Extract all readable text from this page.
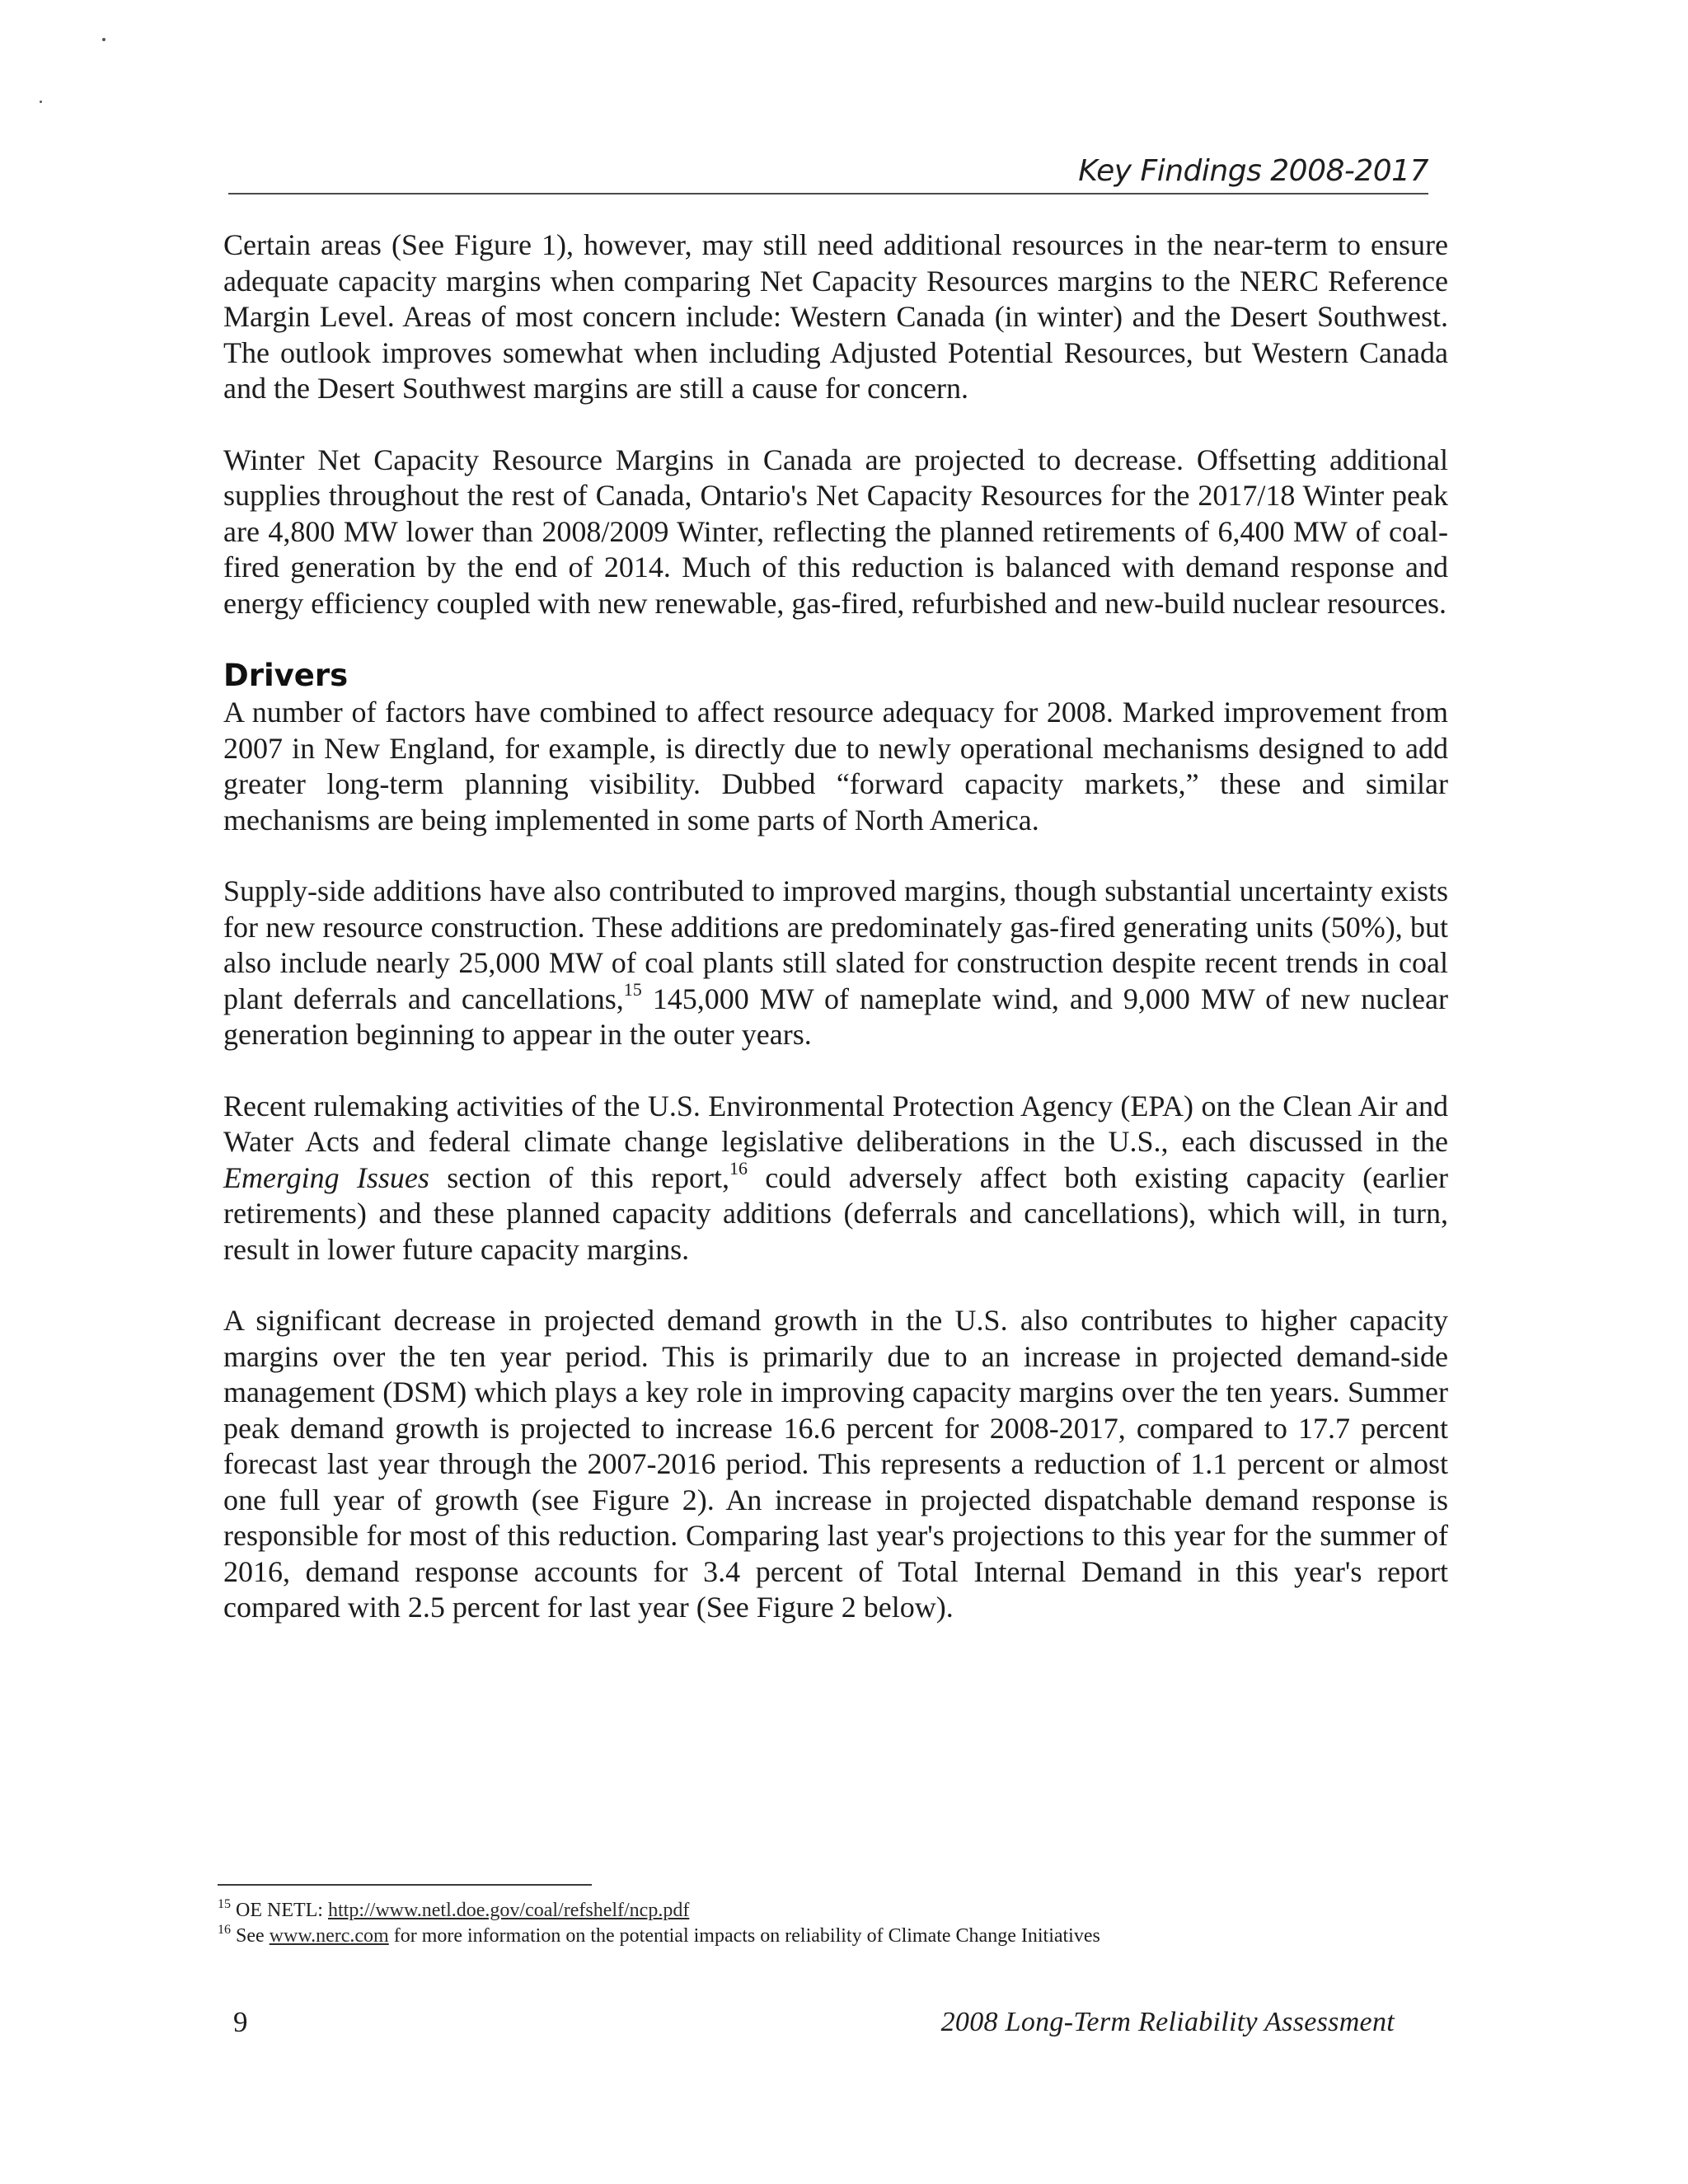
Key Findings 2008-2017

Certain areas (See Figure 1), however, may still need additional resources in the near-term to ensure adequate capacity margins when comparing Net Capacity Resources margins to the NERC Reference Margin Level. Areas of most concern include: Western Canada (in winter) and the Desert Southwest. The outlook improves somewhat when including Adjusted Potential Resources, but Western Canada and the Desert Southwest margins are still a cause for concern.

Winter Net Capacity Resource Margins in Canada are projected to decrease. Offsetting additional supplies throughout the rest of Canada, Ontario's Net Capacity Resources for the 2017/18 Winter peak are 4,800 MW lower than 2008/2009 Winter, reflecting the planned retirements of 6,400 MW of coal-fired generation by the end of 2014. Much of this reduction is balanced with demand response and energy efficiency coupled with new renewable, gas-fired, refurbished and new-build nuclear resources.

Drivers

A number of factors have combined to affect resource adequacy for 2008. Marked improvement from 2007 in New England, for example, is directly due to newly operational mechanisms designed to add greater long-term planning visibility. Dubbed “forward capacity markets,” these and similar mechanisms are being implemented in some parts of North America.

Supply-side additions have also contributed to improved margins, though substantial uncertainty exists for new resource construction. These additions are predominately gas-fired generating units (50%), but also include nearly 25,000 MW of coal plants still slated for construction despite recent trends in coal plant deferrals and cancellations,$^{15}$ 145,000 MW of nameplate wind, and 9,000 MW of new nuclear generation beginning to appear in the outer years.

Recent rulemaking activities of the U.S. Environmental Protection Agency (EPA) on the Clean Air and Water Acts and federal climate change legislative deliberations in the U.S., each discussed in the Emerging Issues section of this report,$^{16}$ could adversely affect both existing capacity (earlier retirements) and these planned capacity additions (deferrals and cancellations), which will, in turn, result in lower future capacity margins.

A significant decrease in projected demand growth in the U.S. also contributes to higher capacity margins over the ten year period. This is primarily due to an increase in projected demand-side management (DSM) which plays a key role in improving capacity margins over the ten years. Summer peak demand growth is projected to increase 16.6 percent for 2008-2017, compared to 17.7 percent forecast last year through the 2007-2016 period. This represents a reduction of 1.1 percent or almost one full year of growth (see Figure 2). An increase in projected dispatchable demand response is responsible for most of this reduction. Comparing last year's projections to this year for the summer of 2016, demand response accounts for 3.4 percent of Total Internal Demand in this year's report compared with 2.5 percent for last year (See Figure 2 below).

$^{15}$ OE NETL: http://www.netl.doe.gov/coal/refshelf/ncp.pdf

$^{16}$ See www.nerc.com for more information on the potential impacts on reliability of Climate Change Initiatives

9	2008 Long-Term Reliability Assessment
